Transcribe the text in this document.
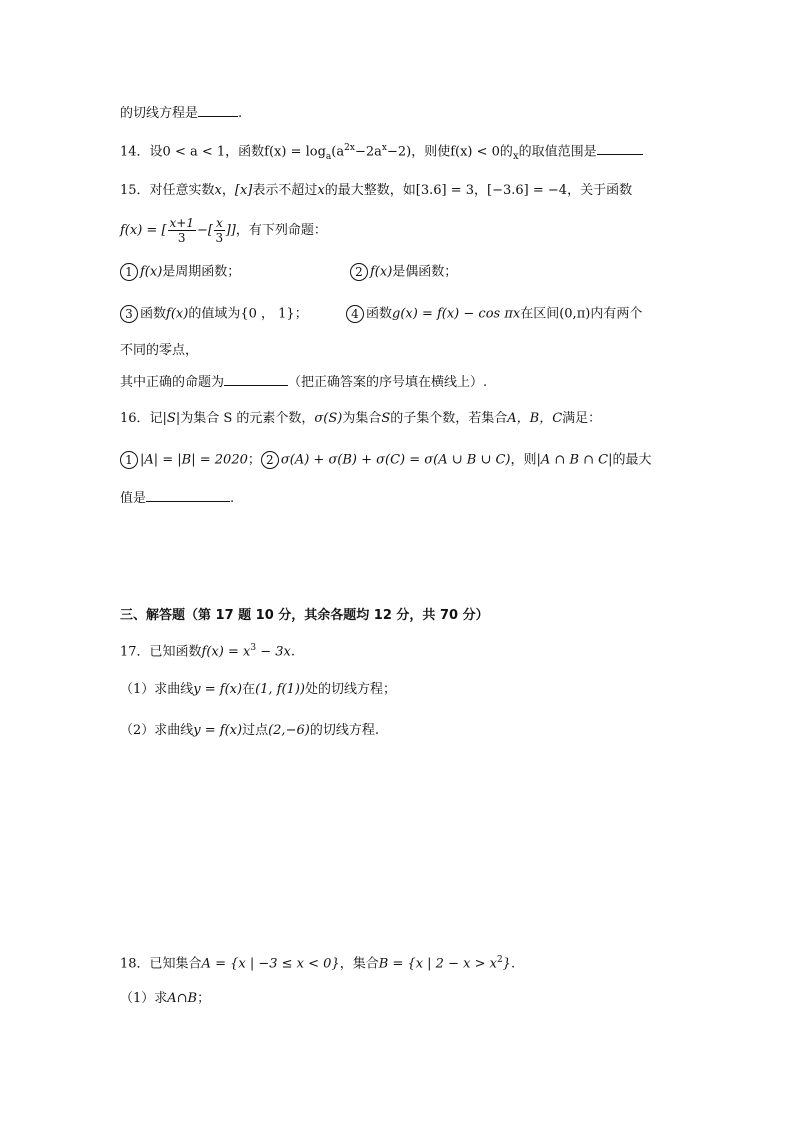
的切线方程是	.
14．设0 < a < 1，函数$f(x) = \log_a(a^{2x}-2a^x-2)$，则使f(x) < 0的$_x$的取值范围是
15．对任意实数x，[x]表示不超过x的最大整数，如[3.6] = 3，[−3.6] = −4，关于函数
f(x) = [ $\frac{x+1}{3}$ −[ $\frac{x}{3}$ ]]，有下列命题：
1 f(x)是周期函数；	2 f(x)是偶函数；
3 函数f(x)的值域为{0 ， 1}；	4 函数g(x) = f(x) − cos πx在区间(0,π)内有两个
不同的零点，
其中正确的命题为	（把正确答案的序号填在横线上）.
16．记|S|为集合 S 的元素个数，σ(S)为集合S的子集个数，若集合A，B，C满足：
1 |A| = |B| = 2020； 2 σ(A) + σ(B) + σ(C) = σ(A ∪ B ∪ C)，则|A ∩ B ∩ C|的最大
值是	.
三、解答题（第 17 题 10 分，其余各题均 12 分，共 70 分）
17．已知函数$f(x) = x^3 - 3x$.
（1）求曲线y = f(x)在(1, f(1))处的切线方程；
（2）求曲线y = f(x)过点(2,−6)的切线方程.
18．已知集合A = {x | −3 ≤ x < 0}，集合B = {x | $2 - x > x^2$}.
（1）求A∩B；
